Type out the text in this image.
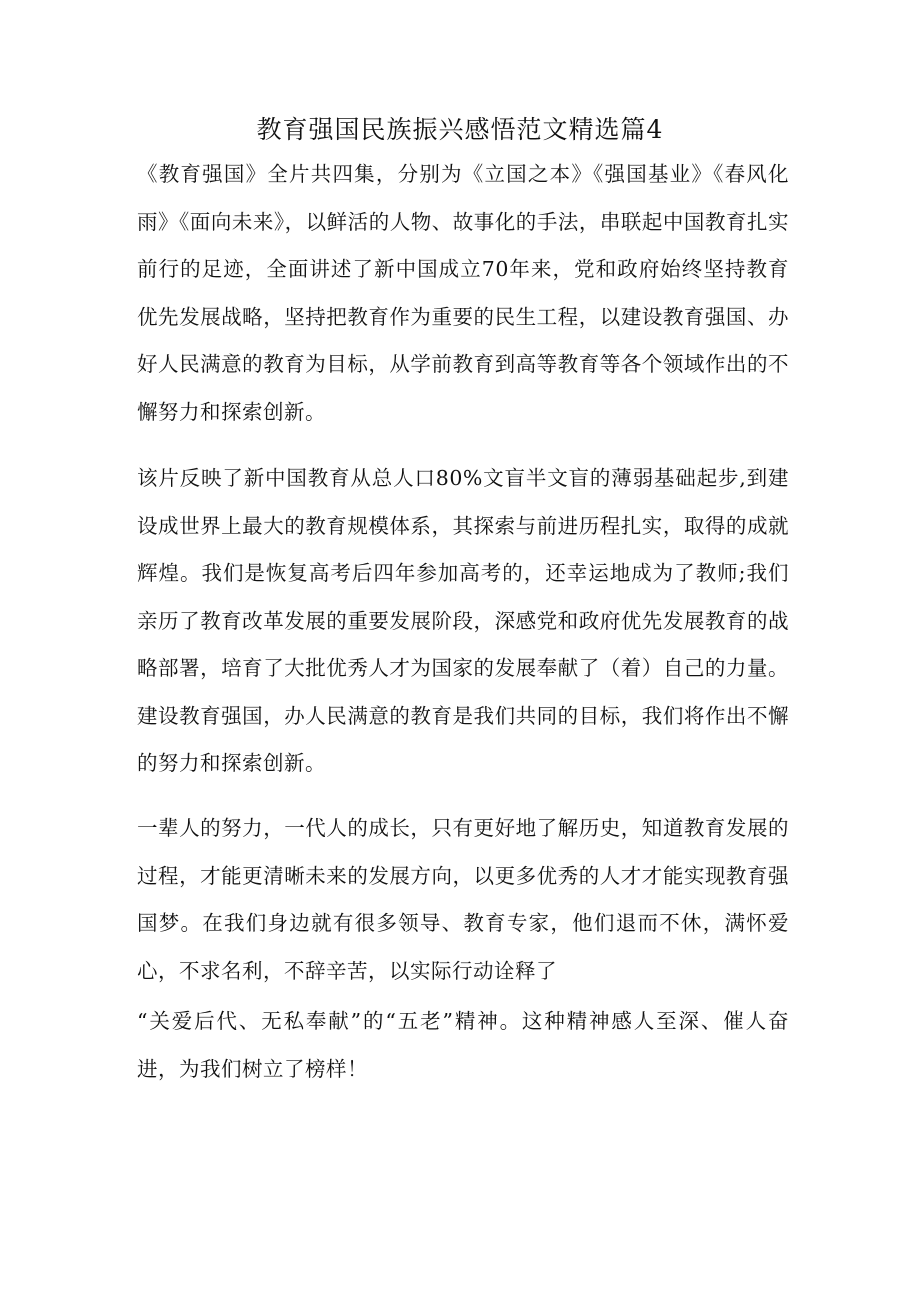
教育强国民族振兴感悟范文精选篇4

《教育强国》全片共四集，分别为《立国之本》《强国基业》《春风化雨》《面向未来》，以鲜活的人物、故事化的手法，串联起中国教育扎实前行的足迹，全面讲述了新中国成立70年来，党和政府始终坚持教育优先发展战略，坚持把教育作为重要的民生工程，以建设教育强国、办好人民满意的教育为目标，从学前教育到高等教育等各个领域作出的不懈努力和探索创新。

该片反映了新中国教育从总人口80%文盲半文盲的薄弱基础起步,到建设成世界上最大的教育规模体系，其探索与前进历程扎实，取得的成就辉煌。我们是恢复高考后四年参加高考的，还幸运地成为了教师;我们亲历了教育改革发展的重要发展阶段，深感党和政府优先发展教育的战略部署，培育了大批优秀人才为国家的发展奉献了（着）自己的力量。建设教育强国，办人民满意的教育是我们共同的目标，我们将作出不懈的努力和探索创新。

一辈人的努力，一代人的成长，只有更好地了解历史，知道教育发展的过程，才能更清晰未来的发展方向，以更多优秀的人才才能实现教育强国梦。在我们身边就有很多领导、教育专家，他们退而不休，满怀爱心，不求名利，不辞辛苦，以实际行动诠释了

“关爱后代、无私奉献”的“五老”精神。这种精神感人至深、催人奋进，为我们树立了榜样！
